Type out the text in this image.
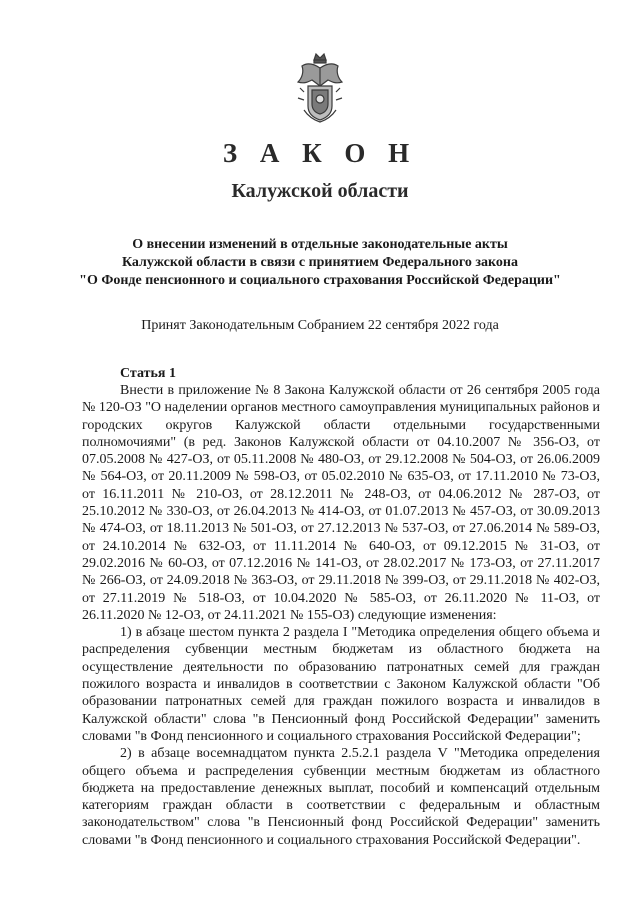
З А К О Н
Калужской области
О внесении изменений в отдельные законодательные акты
Калужской области в связи с принятием Федерального закона
"О Фонде пенсионного и социального страхования Российской Федерации"
Принят Законодательным Собранием 22 сентября 2022 года
Статья 1

Внести в приложение № 8 Закона Калужской области от 26 сентября 2005 года № 120-ОЗ "О наделении органов местного самоуправления муниципальных районов и городских округов Калужской области отдельными государственными полномочиями" (в ред. Законов Калужской области от 04.10.2007 № 356-ОЗ, от 07.05.2008 № 427-ОЗ, от 05.11.2008 № 480-ОЗ, от 29.12.2008 № 504-ОЗ, от 26.06.2009 № 564-ОЗ, от 20.11.2009 № 598-ОЗ, от 05.02.2010 № 635-ОЗ, от 17.11.2010 № 73-ОЗ, от 16.11.2011 № 210-ОЗ, от 28.12.2011 № 248-ОЗ, от 04.06.2012 № 287-ОЗ, от 25.10.2012 № 330-ОЗ, от 26.04.2013 № 414-ОЗ, от 01.07.2013 № 457-ОЗ, от 30.09.2013 № 474-ОЗ, от 18.11.2013 № 501-ОЗ, от 27.12.2013 № 537-ОЗ, от 27.06.2014 № 589-ОЗ, от 24.10.2014 № 632-ОЗ, от 11.11.2014 № 640-ОЗ, от 09.12.2015 № 31-ОЗ, от 29.02.2016 № 60-ОЗ, от 07.12.2016 № 141-ОЗ, от 28.02.2017 № 173-ОЗ, от 27.11.2017 № 266-ОЗ, от 24.09.2018 № 363-ОЗ, от 29.11.2018 № 399-ОЗ, от 29.11.2018 № 402-ОЗ, от 27.11.2019 № 518-ОЗ, от 10.04.2020 № 585-ОЗ, от 26.11.2020 № 11-ОЗ, от 26.11.2020 № 12-ОЗ, от 24.11.2021 № 155-ОЗ) следующие изменения:

1) в абзаце шестом пункта 2 раздела I "Методика определения общего объема и распределения субвенции местным бюджетам из областного бюджета на осуществление деятельности по образованию патронатных семей для граждан пожилого возраста и инвалидов в соответствии с Законом Калужской области "Об образовании патронатных семей для граждан пожилого возраста и инвалидов в Калужской области" слова "в Пенсионный фонд Российской Федерации" заменить словами "в Фонд пенсионного и социального страхования Российской Федерации";

2) в абзаце восемнадцатом пункта 2.5.2.1 раздела V "Методика определения общего объема и распределения субвенции местным бюджетам из областного бюджета на предоставление денежных выплат, пособий и компенсаций отдельным категориям граждан области в соответствии с федеральным и областным законодательством" слова "в Пенсионный фонд Российской Федерации" заменить словами "в Фонд пенсионного и социального страхования Российской Федерации".
